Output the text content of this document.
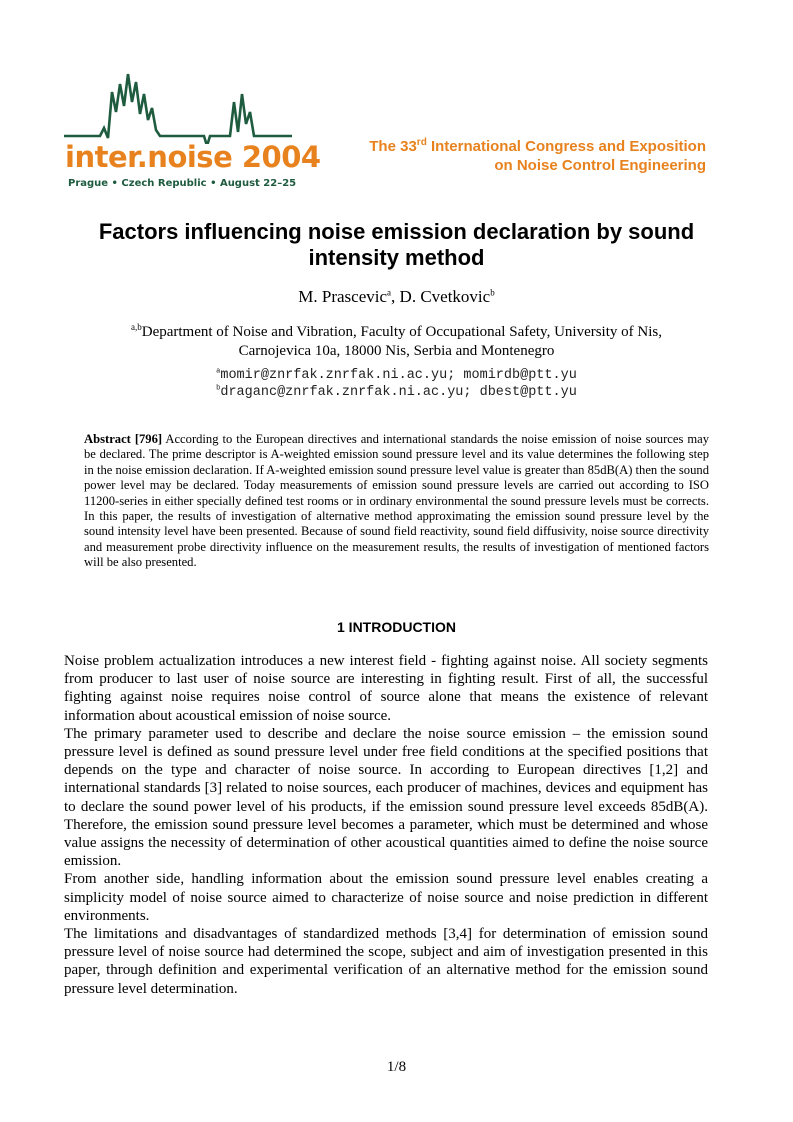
inter.noise 2004
Prague • Czech Republic • August 22–25
The 33rd International Congress and Exposition
on Noise Control Engineering
Factors influencing noise emission declaration by sound intensity method
M. Prascevic$^a$, D. Cvetkovic$^b$
$^{a,b}$Department of Noise and Vibration, Faculty of Occupational Safety, University of Nis,
Carnojevica 10a, 18000 Nis, Serbia and Montenegro
$^a$momir@znrfak.znrfak.ni.ac.yu; momirdb@ptt.yu
$^b$draganc@znrfak.znrfak.ni.ac.yu; dbest@ptt.yu
Abstract [796] According to the European directives and international standards the noise emission of noise sources may be declared. The prime descriptor is A-weighted emission sound pressure level and its value determines the following step in the noise emission declaration. If A-weighted emission sound pressure level value is greater than 85dB(A) then the sound power level may be declared. Today measurements of emission sound pressure levels are carried out according to ISO 11200-series in either specially defined test rooms or in ordinary environmental the sound pressure levels must be corrects. In this paper, the results of investigation of alternative method approximating the emission sound pressure level by the sound intensity level have been presented. Because of sound field reactivity, sound field diffusivity, noise source directivity and measurement probe directivity influence on the measurement results, the results of investigation of mentioned factors will be also presented.
1 INTRODUCTION

Noise problem actualization introduces a new interest field - fighting against noise. All society segments from producer to last user of noise source are interesting in fighting result. First of all, the successful fighting against noise requires noise control of source alone that means the existence of relevant information about acoustical emission of noise source.

The primary parameter used to describe and declare the noise source emission – the emission sound pressure level is defined as sound pressure level under free field conditions at the specified positions that depends on the type and character of noise source. In according to European directives [1,2] and international standards [3] related to noise sources, each producer of machines, devices and equipment has to declare the sound power level of his products, if the emission sound pressure level exceeds 85dB(A). Therefore, the emission sound pressure level becomes a parameter, which must be determined and whose value assigns the necessity of determination of other acoustical quantities aimed to define the noise source emission.

From another side, handling information about the emission sound pressure level enables creating a simplicity model of noise source aimed to characterize of noise source and noise prediction in different environments.

The limitations and disadvantages of standardized methods [3,4] for determination of emission sound pressure level of noise source had determined the scope, subject and aim of investigation presented in this paper, through definition and experimental verification of an alternative method for the emission sound pressure level determination.

1/8
